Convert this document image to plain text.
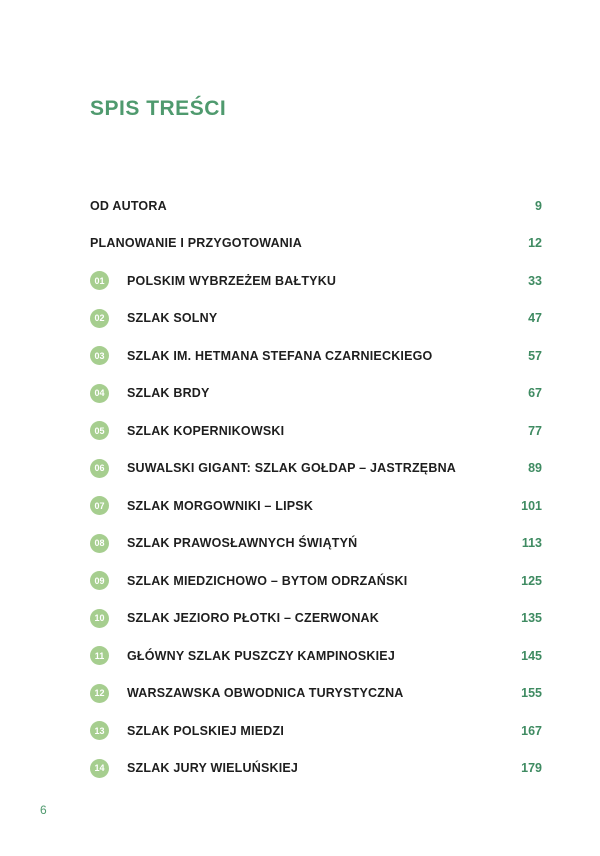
SPIS TREŚCI
OD AUTORA	9
PLANOWANIE I PRZYGOTOWANIA	12
01	POLSKIM WYBRZEŻEM BAŁTYKU	33
02	SZLAK SOLNY	47
03	SZLAK IM. HETMANA STEFANA CZARNIECKIEGO	57
04	SZLAK BRDY	67
05	SZLAK KOPERNIKOWSKI	77
06	SUWALSKI GIGANT: SZLAK GOŁDAP – JASTRZĘBNA	89
07	SZLAK MORGOWNIKI – LIPSK	101
08	SZLAK PRAWOSŁAWNYCH ŚWIĄTYŃ	113
09	SZLAK MIEDZICHOWO – BYTOM ODRZAŃSKI	125
10	SZLAK JEZIORO PŁOTKI – CZERWONAK	135
11	GŁÓWNY SZLAK PUSZCZY KAMPINOSKIEJ	145
12	WARSZAWSKA OBWODNICA TURYSTYCZNA	155
13	SZLAK POLSKIEJ MIEDZI	167
14	SZLAK JURY WIELUŃSKIEJ	179
6
